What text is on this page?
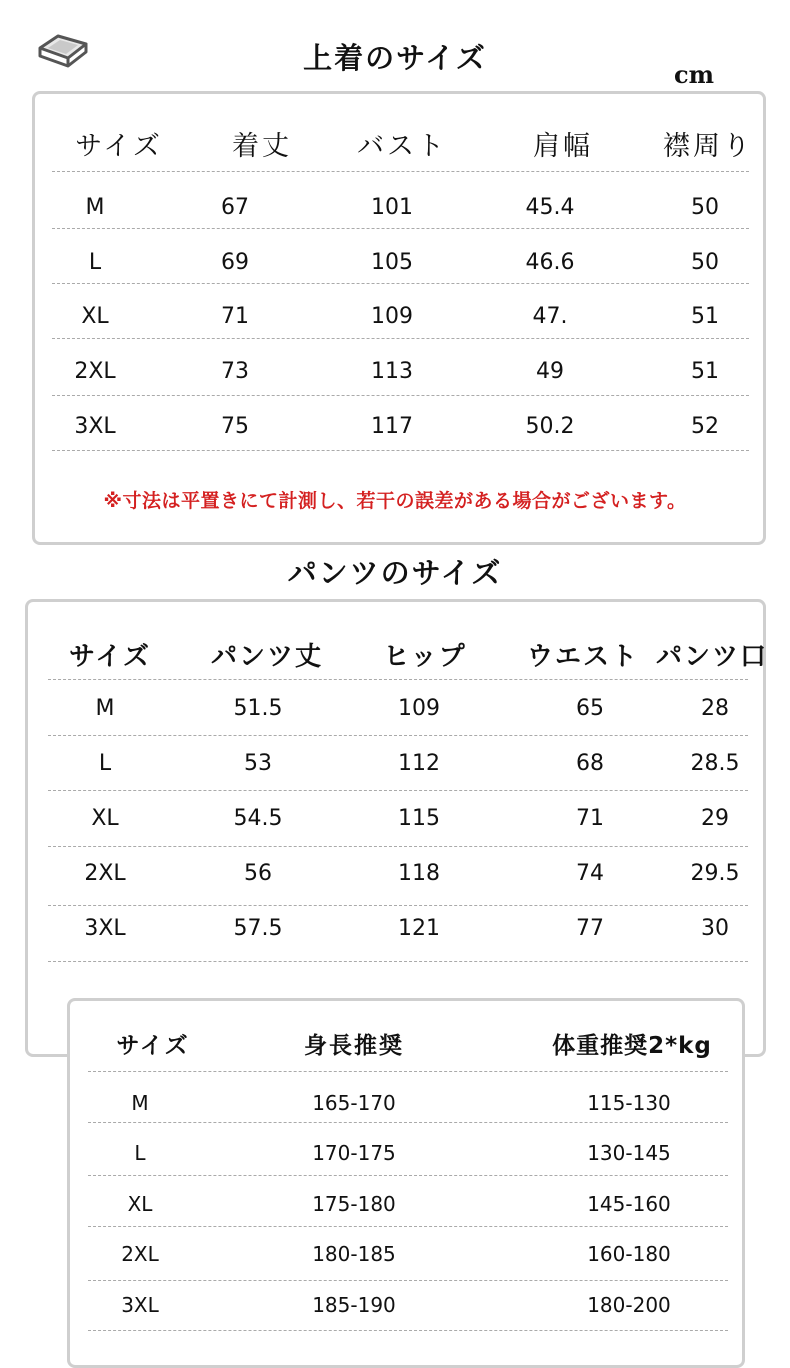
上着のサイズ	cm
サイズ	着丈 バスト	肩幅	襟周り
M	67	101	45.4	50
L	69	105	46.6	50
XL	71	109	47.	51
2XL	73	113	49	51
3XL	75	117	50.2	52
※寸法は平置きにて計測し、若干の誤差がある場合がございます。
パンツのサイズ
サイズ パンツ丈 ヒップ ウエスト パンツ口
M	51.5	109	65	28
L	53	112	68	28.5
XL	54.5	115	71	29
2XL	56	118	74	29.5
3XL	57.5	121	77	30
サイズ	身長推奨	体重推奨2*kg
M	165-170	115-130
L	170-175	130-145
XL	175-180	145-160
2XL	180-185	160-180
3XL	185-190	180-200
